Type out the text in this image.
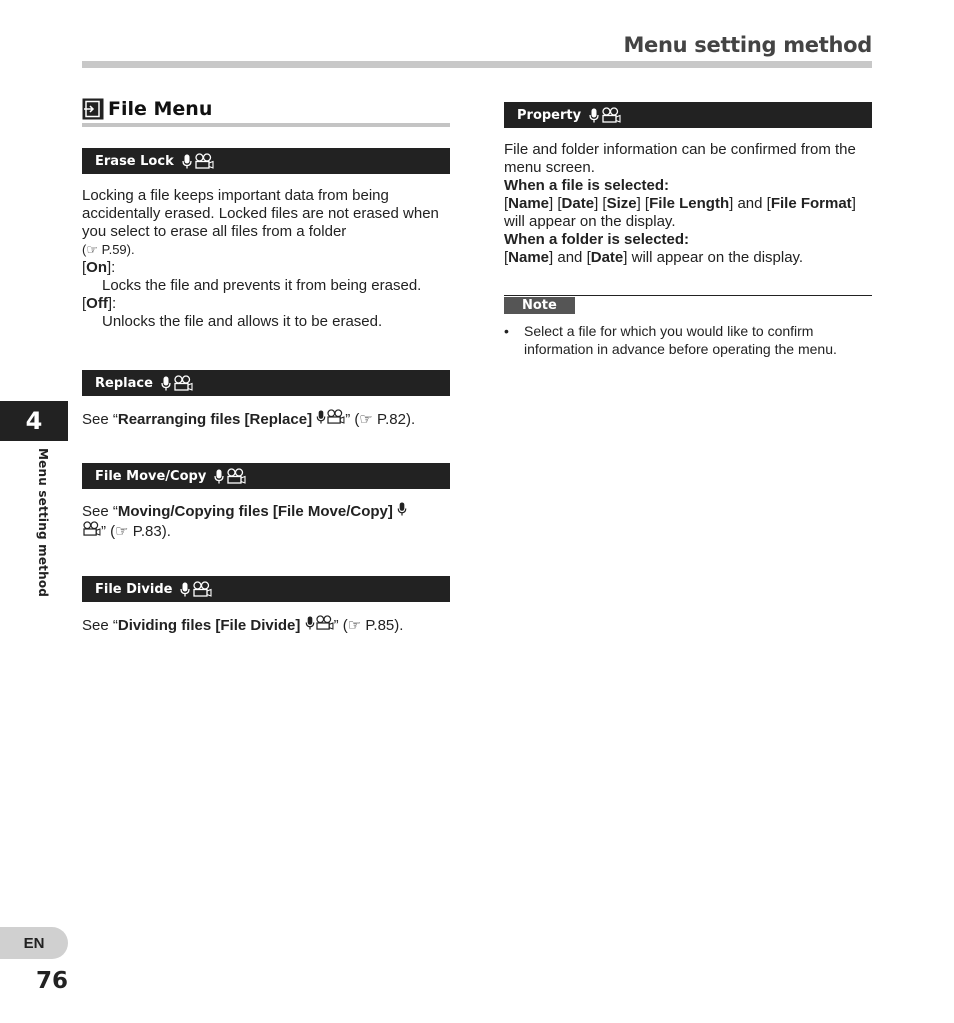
Menu setting method
File Menu
Erase Lock

Locking a file keeps important data from being accidentally erased. Locked files are not erased when you select to erase all files from a folder
(☞ P.59).

[On]:

Locks the file and prevents it from being erased.

[Off]:

Unlocks the file and allows it to be erased.

Replace

See “Rearranging files [Replace] ” (☞ P.82).

File Move/Copy

See “Moving/Copying files [File Move/Copy]
” (☞ P.83).

File Divide

See “Dividing files [File Divide] ” (☞ P.85).

Property

File and folder information can be confirmed from the menu screen.

When a file is selected:

[Name] [Date] [Size] [File Length] and [File Format] will appear on the display.

When a folder is selected:

[Name] and [Date] will appear on the display.

Note
•	Select a file for which you would like to confirm information in advance before operating the menu.
4
Menu setting method
EN
76
